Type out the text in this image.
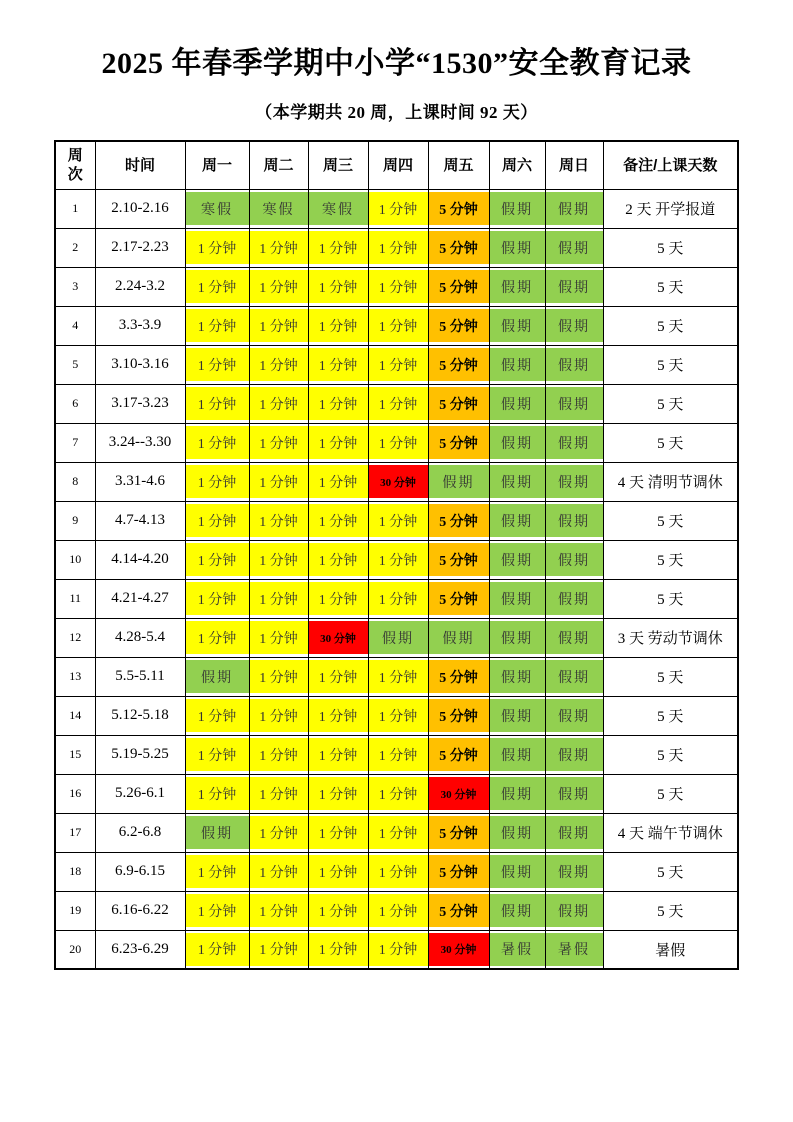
2025 年春季学期中小学“1530”安全教育记录
（本学期共 20 周，上课时间 92 天）
周次	时间	周一	周二	周三	周四	周五	周六	周日	备注/上课天数
1	2.10-2.16	寒假	寒假	寒假	1 分钟	5 分钟	假期	假期	2 天 开学报道
2	2.17-2.23	1 分钟	1 分钟	1 分钟	1 分钟	5 分钟	假期	假期	5 天
3	2.24-3.2	1 分钟	1 分钟	1 分钟	1 分钟	5 分钟	假期	假期	5 天
4	3.3-3.9	1 分钟	1 分钟	1 分钟	1 分钟	5 分钟	假期	假期	5 天
5	3.10-3.16	1 分钟	1 分钟	1 分钟	1 分钟	5 分钟	假期	假期	5 天
6	3.17-3.23	1 分钟	1 分钟	1 分钟	1 分钟	5 分钟	假期	假期	5 天
7	3.24--3.30	1 分钟	1 分钟	1 分钟	1 分钟	5 分钟	假期	假期	5 天
8	3.31-4.6	1 分钟	1 分钟	1 分钟	30 分钟	假期	假期	假期	4 天 清明节调休
9	4.7-4.13	1 分钟	1 分钟	1 分钟	1 分钟	5 分钟	假期	假期	5 天
10	4.14-4.20	1 分钟	1 分钟	1 分钟	1 分钟	5 分钟	假期	假期	5 天
11	4.21-4.27	1 分钟	1 分钟	1 分钟	1 分钟	5 分钟	假期	假期	5 天
12	4.28-5.4	1 分钟	1 分钟	30 分钟	假期	假期	假期	假期	3 天 劳动节调休
13	5.5-5.11	假期	1 分钟	1 分钟	1 分钟	5 分钟	假期	假期	5 天
14	5.12-5.18	1 分钟	1 分钟	1 分钟	1 分钟	5 分钟	假期	假期	5 天
15	5.19-5.25	1 分钟	1 分钟	1 分钟	1 分钟	5 分钟	假期	假期	5 天
16	5.26-6.1	1 分钟	1 分钟	1 分钟	1 分钟	30 分钟	假期	假期	5 天
17	6.2-6.8	假期	1 分钟	1 分钟	1 分钟	5 分钟	假期	假期	4 天 端午节调休
18	6.9-6.15	1 分钟	1 分钟	1 分钟	1 分钟	5 分钟	假期	假期	5 天
19	6.16-6.22	1 分钟	1 分钟	1 分钟	1 分钟	5 分钟	假期	假期	5 天
20	6.23-6.29	1 分钟	1 分钟	1 分钟	1 分钟	30 分钟	暑假	暑假	暑假
